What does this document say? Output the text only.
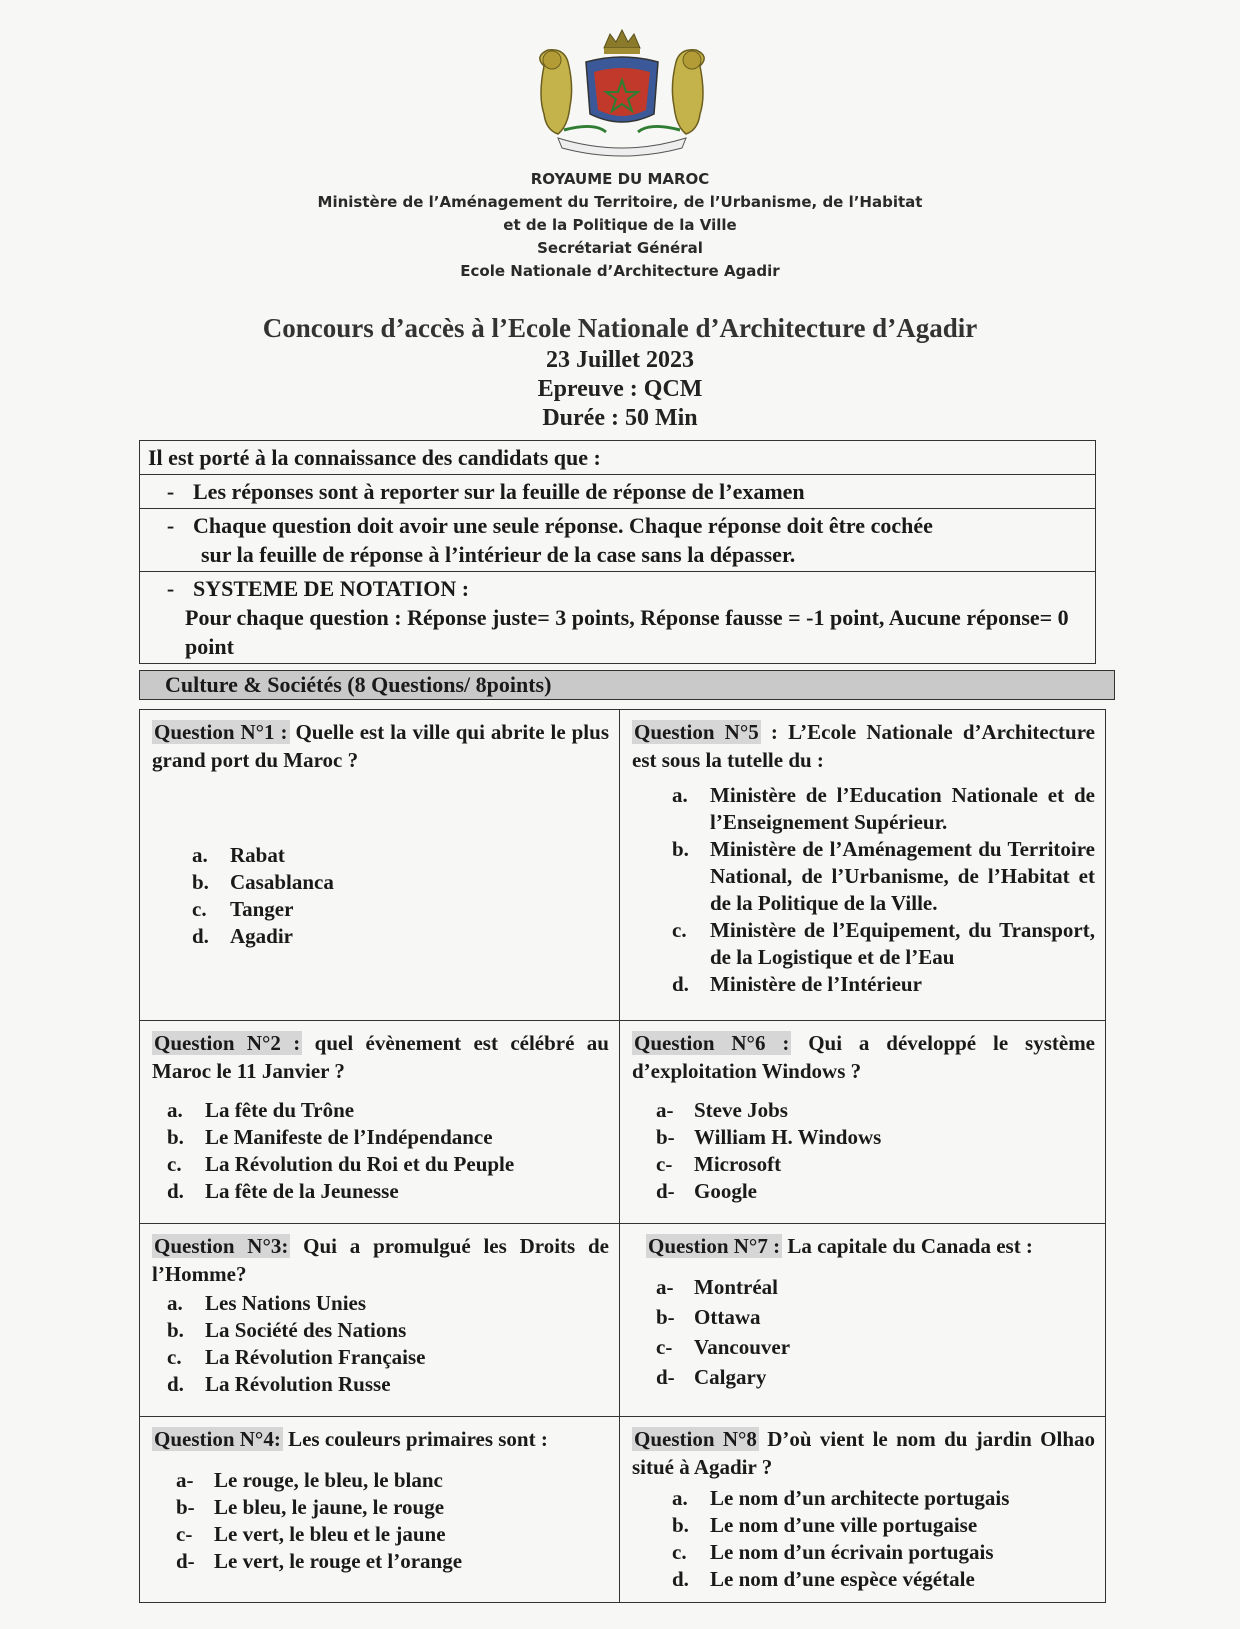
ROYAUME DU MAROC
Ministère de l’Aménagement du Territoire, de l’Urbanisme, de l’Habitat
et de la Politique de la Ville
Secrétariat Général
Ecole Nationale d’Architecture Agadir
Concours d’accès à l’Ecole Nationale d’Architecture d’Agadir
23 Juillet 2023
Epreuve : QCM
Durée : 50 Min
Il est porté à la connaissance des candidats que :
- Les réponses sont à reporter sur la feuille de réponse de l’examen
- Chaque question doit avoir une seule réponse. Chaque réponse doit être cochée
sur la feuille de réponse à l’intérieur de la case sans la dépasser.
- SYSTEME DE NOTATION :
Pour chaque question : Réponse juste= 3 points, Réponse fausse = -1 point, Aucune réponse= 0 point
Culture & Sociétés (8 Questions/ 8points)
Question N°1 : Quelle est la ville qui abrite le plus grand port du Maroc ?
a.	Rabat
b.	Casablanca
c.	Tanger
d.	Agadir
Question N°5 : L’Ecole Nationale d’Architecture est sous la tutelle du :
a.	Ministère de l’Education Nationale et de l’Enseignement Supérieur.
b.	Ministère de l’Aménagement du Territoire National, de l’Urbanisme, de l’Habitat et de la Politique de la Ville.
c.	Ministère de l’Equipement, du Transport, de la Logistique et de l’Eau
d.	Ministère de l’Intérieur
Question N°2 : quel évènement est célébré au Maroc le 11 Janvier ?
a.	La fête du Trône
b.	Le Manifeste de l’Indépendance
c.	La Révolution du Roi et du Peuple
d.	La fête de la Jeunesse
Question N°6 : Qui a développé le système d’exploitation Windows ?
a- Steve Jobs
b- William H. Windows
c-	Microsoft
d- Google
Question N°3: Qui a promulgué les Droits de l’Homme?
a.	Les Nations Unies
b.	La Société des Nations
c.	La Révolution Française
d.	La Révolution Russe
Question N°7 : La capitale du Canada est :
a- Montréal
b- Ottawa
c-	Vancouver
d- Calgary
Question N°4: Les couleurs primaires sont :
a- Le rouge, le bleu, le blanc
b- Le bleu, le jaune, le rouge
c-	Le vert, le bleu et le jaune
d- Le vert, le rouge et l’orange
Question N°8 D’où vient le nom du jardin Olhao situé à Agadir ?
a.	Le nom d’un architecte portugais
b.	Le nom d’une ville portugaise
c.	Le nom d’un écrivain portugais
d.	Le nom d’une espèce végétale
